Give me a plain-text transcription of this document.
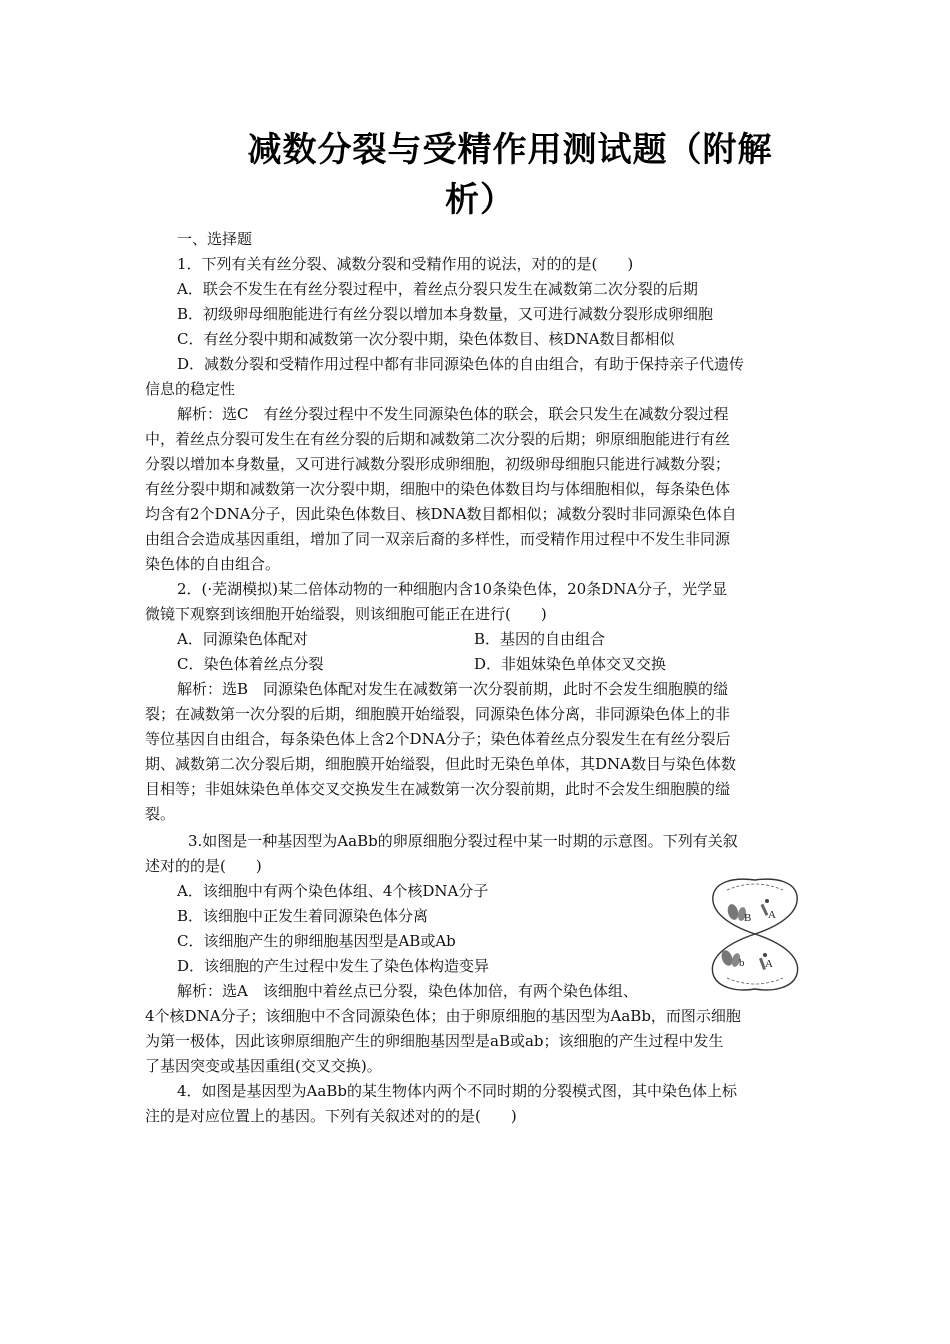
减数分裂与受精作用测试题（附解
析）
一、选择题
1．下列有关有丝分裂、减数分裂和受精作用的说法，对的的是(　　)
A．联会不发生在有丝分裂过程中，着丝点分裂只发生在减数第二次分裂的后期
B．初级卵母细胞能进行有丝分裂以增加本身数量，又可进行减数分裂形成卵细胞
C．有丝分裂中期和减数第一次分裂中期，染色体数目、核DNA数目都相似
D．减数分裂和受精作用过程中都有非同源染色体的自由组合，有助于保持亲子代遗传
信息的稳定性
解析：选C　有丝分裂过程中不发生同源染色体的联会，联会只发生在减数分裂过程
中，着丝点分裂可发生在有丝分裂的后期和减数第二次分裂的后期；卵原细胞能进行有丝
分裂以增加本身数量，又可进行减数分裂形成卵细胞，初级卵母细胞只能进行减数分裂；
有丝分裂中期和减数第一次分裂中期，细胞中的染色体数目均与体细胞相似，每条染色体
均含有2个DNA分子，因此染色体数目、核DNA数目都相似；减数分裂时非同源染色体自
由组合会造成基因重组，增加了同一双亲后裔的多样性，而受精作用过程中不发生非同源
染色体的自由组合。
2．(·芜湖模拟)某二倍体动物的一种细胞内含10条染色体，20条DNA分子，光学显
微镜下观察到该细胞开始缢裂，则该细胞可能正在进行(　　)
A．同源染色体配对	B．基因的自由组合
C．染色体着丝点分裂	D．非姐妹染色单体交叉交换
解析：选B　同源染色体配对发生在减数第一次分裂前期，此时不会发生细胞膜的缢
裂；在减数第一次分裂的后期，细胞膜开始缢裂，同源染色体分离，非同源染色体上的非
等位基因自由组合，每条染色体上含2个DNA分子；染色体着丝点分裂发生在有丝分裂后
期、减数第二次分裂后期，细胞膜开始缢裂，但此时无染色单体，其DNA数目与染色体数
目相等；非姐妹染色单体交叉交换发生在减数第一次分裂前期，此时不会发生细胞膜的缢
裂。
3.如图是一种基因型为AaBb的卵原细胞分裂过程中某一时期的示意图。下列有关叙
述对的的是(　　)
A．该细胞中有两个染色体组、4个核DNA分子
B．该细胞中正发生着同源染色体分离
C．该细胞产生的卵细胞基因型是AB或Ab
D．该细胞的产生过程中发生了染色体构造变异
解析：选A　该细胞中着丝点已分裂，染色体加倍，有两个染色体组、
4个核DNA分子；该细胞中不含同源染色体；由于卵原细胞的基因型为AaBb，而图示细胞
为第一极体，因此该卵原细胞产生的卵细胞基因型是aB或ab；该细胞的产生过程中发生
了基因突变或基因重组(交叉交换)。
4．如图是基因型为AaBb的某生物体内两个不同时期的分裂模式图，其中染色体上标
注的是对应位置上的基因。下列有关叙述对的的是(　　)
B A
b A
